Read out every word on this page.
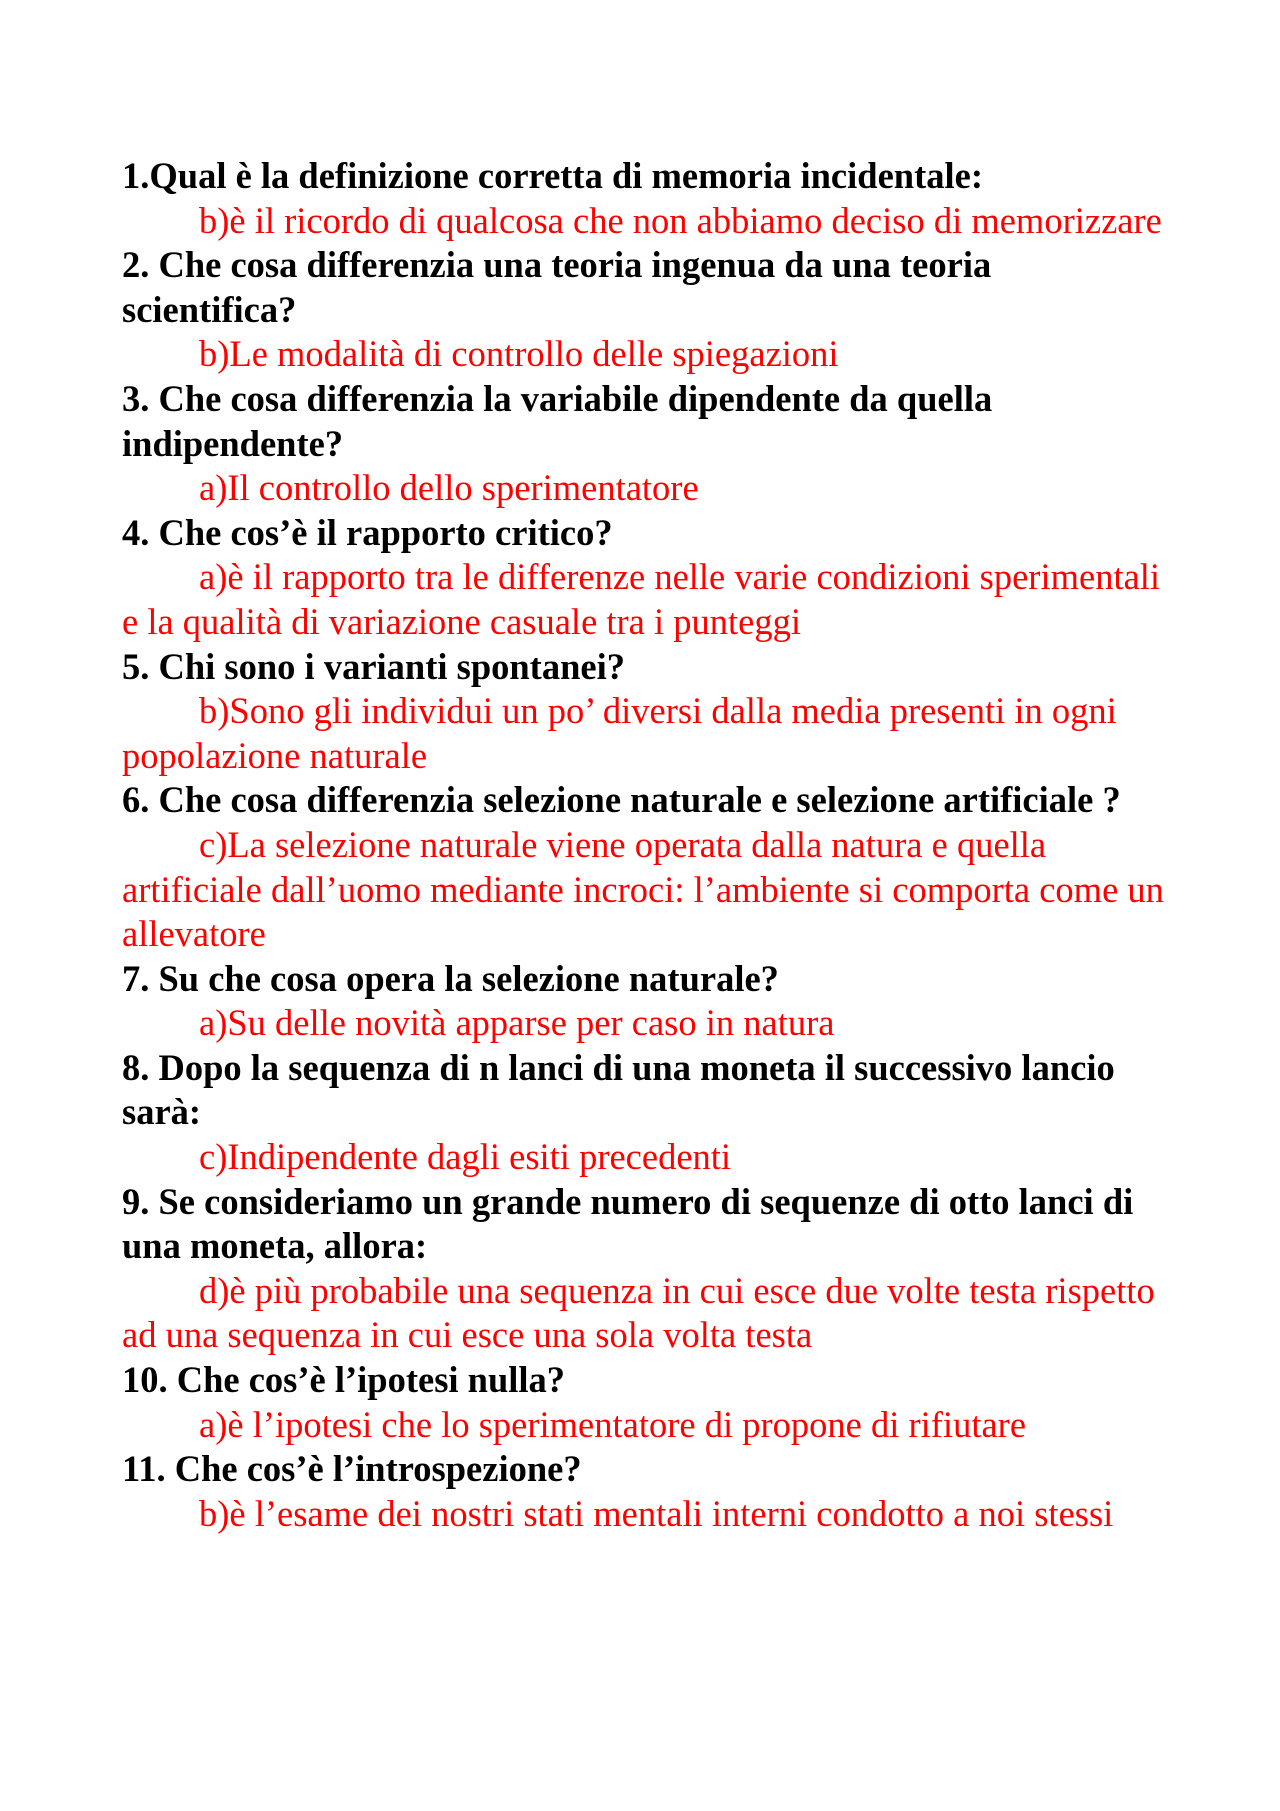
1.Qual è la definizione corretta di memoria incidentale:

b)è il ricordo di qualcosa che non abbiamo deciso di memorizzare

2. Che cosa differenzia una teoria ingenua da una teoria scientifica?

b)Le modalità di controllo delle spiegazioni

3. Che cosa differenzia la variabile dipendente da quella indipendente?

a)Il controllo dello sperimentatore

4. Che cos’è il rapporto critico?

a)è il rapporto tra le differenze nelle varie condizioni sperimentali e la qualità di variazione casuale tra i punteggi

5. Chi sono i varianti spontanei?

b)Sono gli individui un po’ diversi dalla media presenti in ogni popolazione naturale

6. Che cosa differenzia selezione naturale e selezione artificiale ?

c)La selezione naturale viene operata dalla natura e quella artificiale dall’uomo mediante incroci: l’ambiente si comporta come un allevatore

7. Su che cosa opera la selezione naturale?

a)Su delle novità apparse per caso in natura

8. Dopo la sequenza di n lanci di una moneta il successivo lancio sarà:

c)Indipendente dagli esiti precedenti

9. Se consideriamo un grande numero di sequenze di otto lanci di una moneta, allora:

d)è più probabile una sequenza in cui esce due volte testa rispetto ad una sequenza in cui esce una sola volta testa

10. Che cos’è l’ipotesi nulla?

a)è l’ipotesi che lo sperimentatore di propone di rifiutare

11. Che cos’è l’introspezione?

b)è l’esame dei nostri stati mentali interni condotto a noi stessi
